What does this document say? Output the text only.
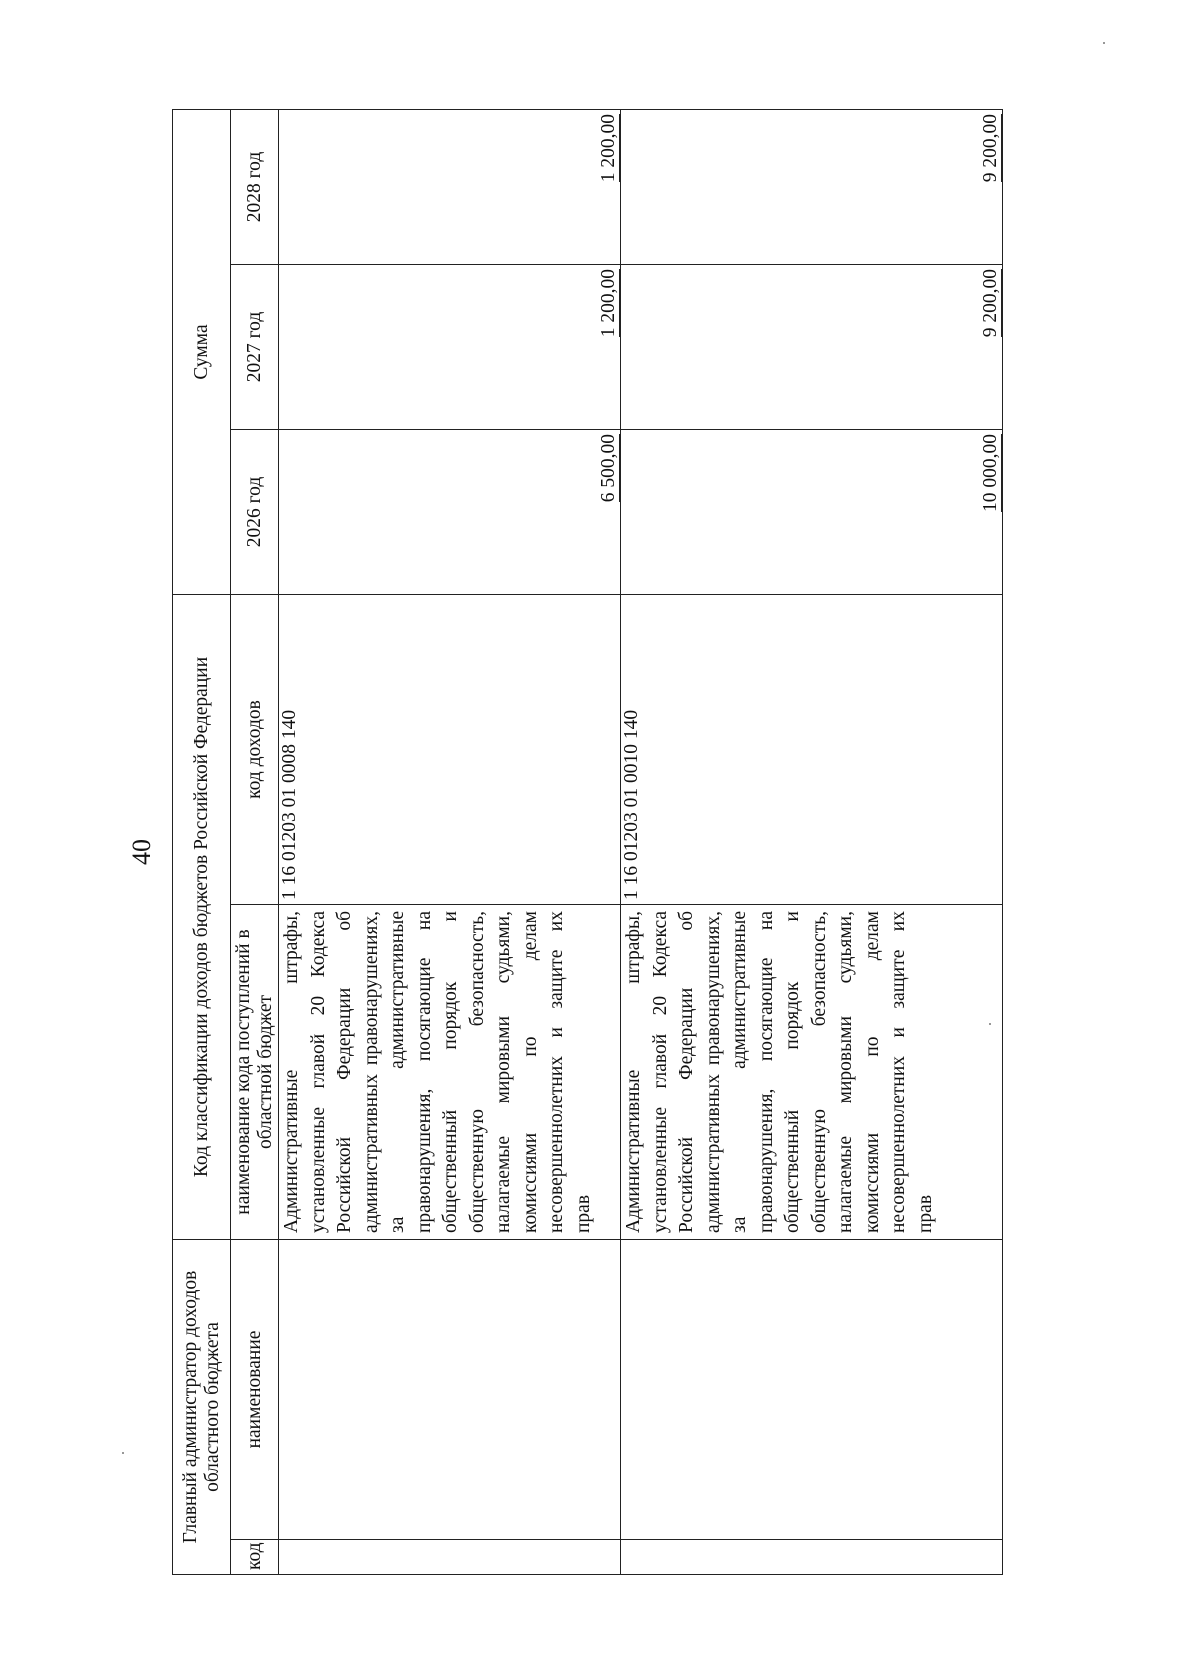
40
Главный администратор доходов областного бюджета		Код классификации доходов бюджетов Российской Федерации		Сумма		
код	наименование	наименование кода поступлений в областной бюджет	код доходов	2026 год	2027 год	2028 год
		Административные штрафы, установленные главой 20 Кодекса Российской Федерации об административных правонарушениях, за административные правонарушения, посягающие на общественный порядок и общественную безопасность, налагаемые мировыми судьями, комиссиями по делам несовершеннолетних и защите их прав	1 16 01203 01 0008 140	6 500,00	1 200,00	1 200,00
		Административные штрафы, установленные главой 20 Кодекса Российской Федерации об административных правонарушениях, за административные правонарушения, посягающие на общественный порядок и общественную безопасность, налагаемые мировыми судьями, комиссиями по делам несовершеннолетних и защите их прав	1 16 01203 01 0010 140	10 000,00	9 200,00	9 200,00
